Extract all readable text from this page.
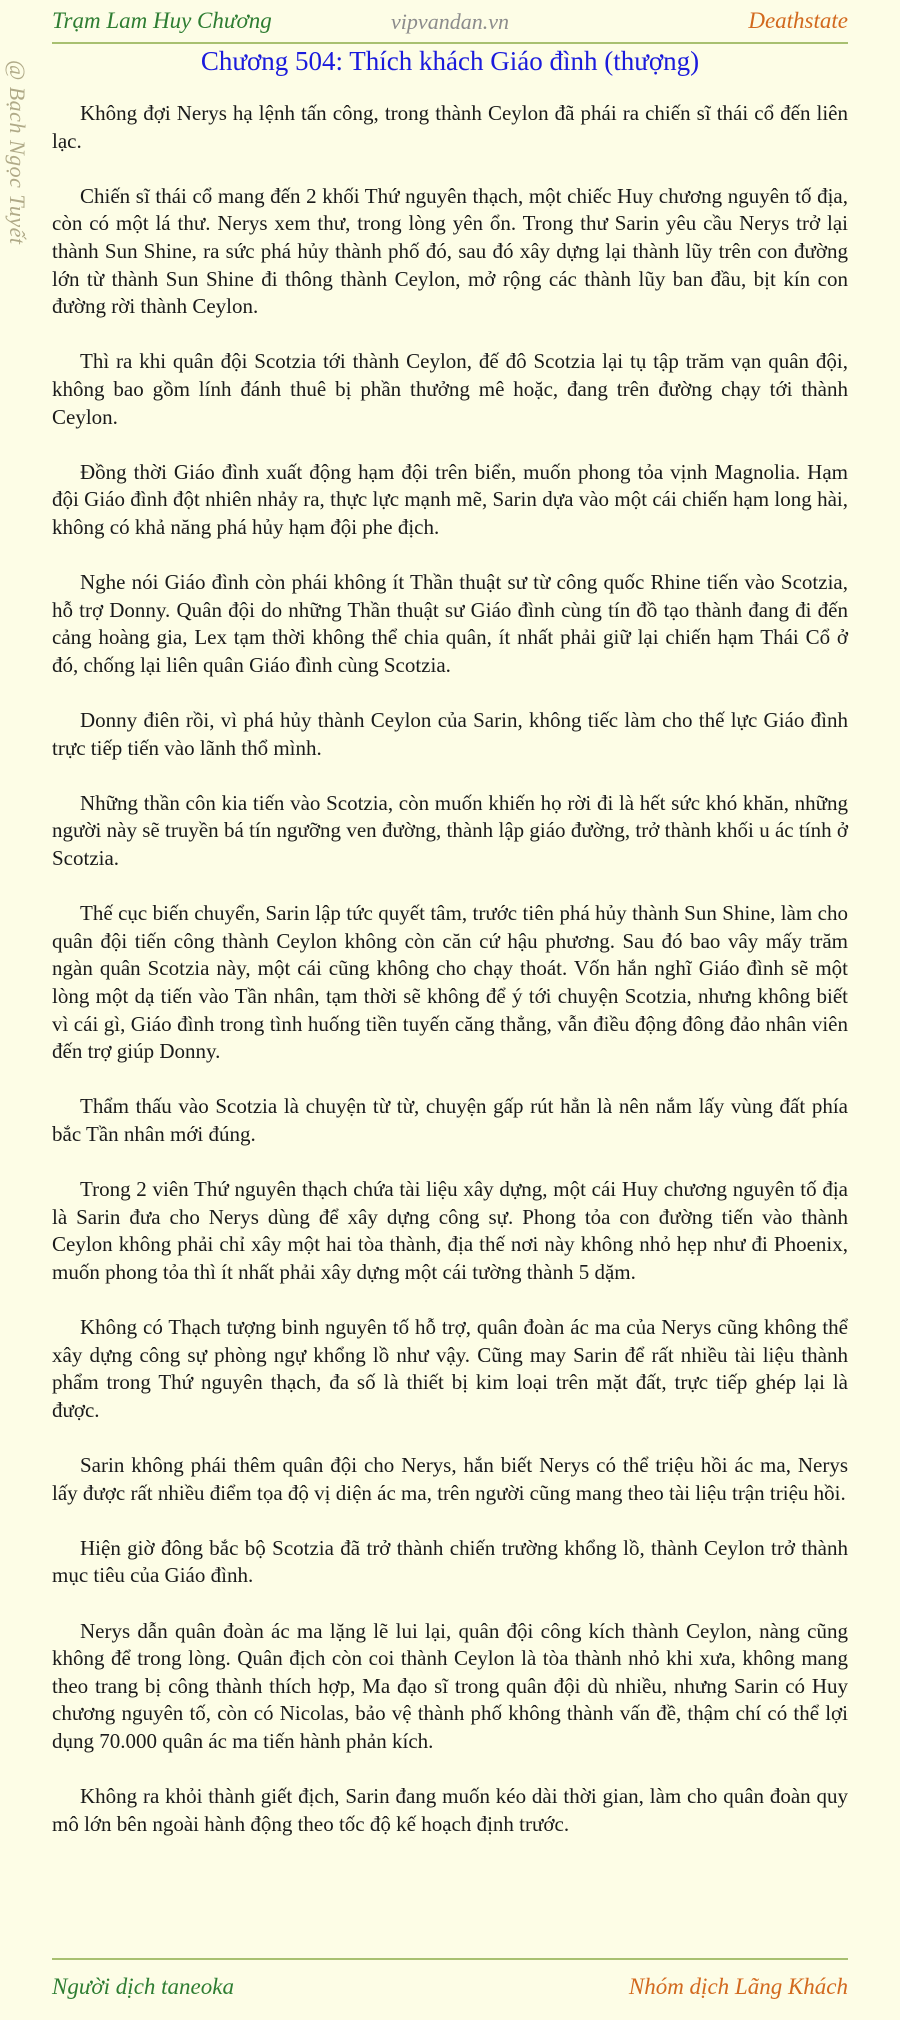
Trạm Lam Huy Chương	vipvandan.vn	Deathstate
@ Bạch Ngọc Tuyết	Chương 504: Thích khách Giáo đình (thượng)

Không đợi Nerys hạ lệnh tấn công, trong thành Ceylon đã phái ra chiến sĩ thái cổ đến liên lạc.

Chiến sĩ thái cổ mang đến 2 khối Thứ nguyên thạch, một chiếc Huy chương nguyên tố địa, còn có một lá thư. Nerys xem thư, trong lòng yên ổn. Trong thư Sarin yêu cầu Nerys trở lại thành Sun Shine, ra sức phá hủy thành phố đó, sau đó xây dựng lại thành lũy trên con đường lớn từ thành Sun Shine đi thông thành Ceylon, mở rộng các thành lũy ban đầu, bịt kín con đường rời thành Ceylon.

Thì ra khi quân đội Scotzia tới thành Ceylon, đế đô Scotzia lại tụ tập trăm vạn quân đội, không bao gồm lính đánh thuê bị phần thưởng mê hoặc, đang trên đường chạy tới thành Ceylon.

Đồng thời Giáo đình xuất động hạm đội trên biển, muốn phong tỏa vịnh Magnolia. Hạm đội Giáo đình đột nhiên nhảy ra, thực lực mạnh mẽ, Sarin dựa vào một cái chiến hạm long hài, không có khả năng phá hủy hạm đội phe địch.

Nghe nói Giáo đình còn phái không ít Thần thuật sư từ công quốc Rhine tiến vào Scotzia, hỗ trợ Donny. Quân đội do những Thần thuật sư Giáo đình cùng tín đồ tạo thành đang đi đến cảng hoàng gia, Lex tạm thời không thể chia quân, ít nhất phải giữ lại chiến hạm Thái Cổ ở đó, chống lại liên quân Giáo đình cùng Scotzia.

Donny điên rồi, vì phá hủy thành Ceylon của Sarin, không tiếc làm cho thế lực Giáo đình trực tiếp tiến vào lãnh thổ mình.

Những thần côn kia tiến vào Scotzia, còn muốn khiến họ rời đi là hết sức khó khăn, những người này sẽ truyền bá tín ngưỡng ven đường, thành lập giáo đường, trở thành khối u ác tính ở Scotzia.

Thế cục biến chuyển, Sarin lập tức quyết tâm, trước tiên phá hủy thành Sun Shine, làm cho quân đội tiến công thành Ceylon không còn căn cứ hậu phương. Sau đó bao vây mấy trăm ngàn quân Scotzia này, một cái cũng không cho chạy thoát. Vốn hắn nghĩ Giáo đình sẽ một lòng một dạ tiến vào Tần nhân, tạm thời sẽ không để ý tới chuyện Scotzia, nhưng không biết vì cái gì, Giáo đình trong tình huống tiền tuyến căng thẳng, vẫn điều động đông đảo nhân viên đến trợ giúp Donny.

Thẩm thấu vào Scotzia là chuyện từ từ, chuyện gấp rút hẳn là nên nắm lấy vùng đất phía bắc Tần nhân mới đúng.

Trong 2 viên Thứ nguyên thạch chứa tài liệu xây dựng, một cái Huy chương nguyên tố địa là Sarin đưa cho Nerys dùng để xây dựng công sự. Phong tỏa con đường tiến vào thành Ceylon không phải chỉ xây một hai tòa thành, địa thế nơi này không nhỏ hẹp như đi Phoenix, muốn phong tỏa thì ít nhất phải xây dựng một cái tường thành 5 dặm.

Không có Thạch tượng binh nguyên tố hỗ trợ, quân đoàn ác ma của Nerys cũng không thể xây dựng công sự phòng ngự khổng lồ như vậy. Cũng may Sarin để rất nhiều tài liệu thành phẩm trong Thứ nguyên thạch, đa số là thiết bị kim loại trên mặt đất, trực tiếp ghép lại là được.

Sarin không phái thêm quân đội cho Nerys, hắn biết Nerys có thể triệu hồi ác ma, Nerys lấy được rất nhiều điểm tọa độ vị diện ác ma, trên người cũng mang theo tài liệu trận triệu hồi.

Hiện giờ đông bắc bộ Scotzia đã trở thành chiến trường khổng lồ, thành Ceylon trở thành mục tiêu của Giáo đình.

Nerys dẫn quân đoàn ác ma lặng lẽ lui lại, quân đội công kích thành Ceylon, nàng cũng không để trong lòng. Quân địch còn coi thành Ceylon là tòa thành nhỏ khi xưa, không mang theo trang bị công thành thích hợp, Ma đạo sĩ trong quân đội dù nhiều, nhưng Sarin có Huy chương nguyên tố, còn có Nicolas, bảo vệ thành phố không thành vấn đề, thậm chí có thể lợi dụng 70.000 quân ác ma tiến hành phản kích.

Không ra khỏi thành giết địch, Sarin đang muốn kéo dài thời gian, làm cho quân đoàn quy mô lớn bên ngoài hành động theo tốc độ kế hoạch định trước.

Người dịch taneoka	Nhóm dịch Lãng Khách
